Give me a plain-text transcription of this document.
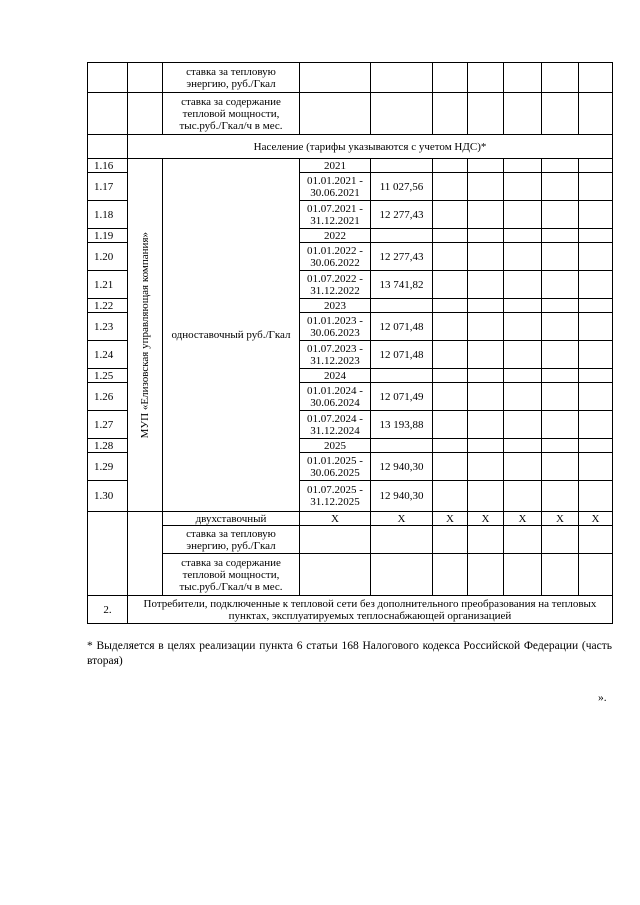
		ставка за тепловую энергию, руб./Гкал							
		ставка за содержание тепловой мощности, тыс.руб./Гкал/ч в мес.							
	Население (тарифы указываются с учетом НДС)*								
1.16	МУП «Елизовская управляющая компания»	одноставочный руб./Гкал	2021						
1.17			01.01.2021 - 30.06.2021	11 027,56					
1.18			01.07.2021 - 31.12.2021	12 277,43					
1.19			2022						
1.20			01.01.2022 - 30.06.2022	12 277,43					
1.21			01.07.2022 - 31.12.2022	13 741,82					
1.22			2023						
1.23			01.01.2023 - 30.06.2023	12 071,48					
1.24			01.07.2023 - 31.12.2023	12 071,48					
1.25			2024						
1.26			01.01.2024 - 30.06.2024	12 071,49					
1.27			01.07.2024 - 31.12.2024	13 193,88					
1.28			2025						
1.29			01.01.2025 - 30.06.2025	12 940,30					
1.30			01.07.2025 - 31.12.2025	12 940,30					
		двухставочный	Х	Х	Х	Х	Х	Х	Х
		ставка за тепловую энергию, руб./Гкал							
		ставка за содержание тепловой мощности, тыс.руб./Гкал/ч в мес.							
2.	Потребители, подключенные к тепловой сети без дополнительного преобразования на тепловых пунктах, эксплуатируемых теплоснабжающей организацией								
* Выделяется в целях реализации пункта 6 статьи 168 Налогового кодекса Российской Федерации (часть вторая)
».
